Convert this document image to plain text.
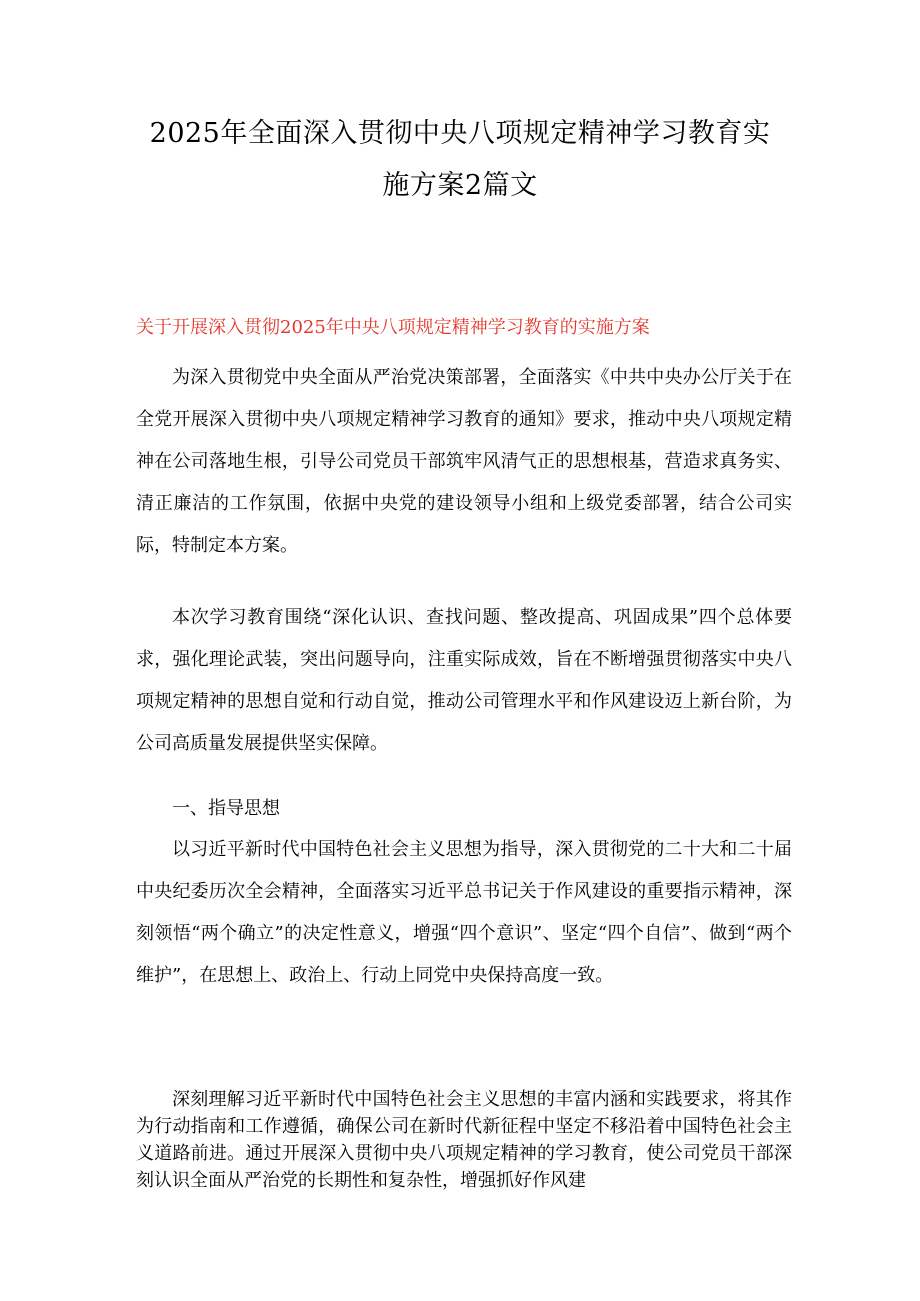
2025年全面深入贯彻中央八项规定精神学习教育实
施方案2篇文
关于开展深入贯彻2025年中央八项规定精神学习教育的实施方案

为深入贯彻党中央全面从严治党决策部署，全面落实《中共中央办公厅关于在全党开展深入贯彻中央八项规定精神学习教育的通知》要求，推动中央八项规定精神在公司落地生根，引导公司党员干部筑牢风清气正的思想根基，营造求真务实、清正廉洁的工作氛围，依据中央党的建设领导小组和上级党委部署，结合公司实际，特制定本方案。

本次学习教育围绕“深化认识、查找问题、整改提高、巩固成果”四个总体要求，强化理论武装，突出问题导向，注重实际成效，旨在不断增强贯彻落实中央八项规定精神的思想自觉和行动自觉，推动公司管理水平和作风建设迈上新台阶，为公司高质量发展提供坚实保障。

一、指导思想

以习近平新时代中国特色社会主义思想为指导，深入贯彻党的二十大和二十届中央纪委历次全会精神，全面落实习近平总书记关于作风建设的重要指示精神，深刻领悟“两个确立”的决定性意义，增强“四个意识”、坚定“四个自信”、做到“两个维护”，在思想上、政治上、行动上同党中央保持高度一致。

深刻理解习近平新时代中国特色社会主义思想的丰富内涵和实践要求，将其作为行动指南和工作遵循，确保公司在新时代新征程中坚定不移沿着中国特色社会主义道路前进。通过开展深入贯彻中央八项规定精神的学习教育，使公司党员干部深刻认识全面从严治党的长期性和复杂性，增强抓好作风建
